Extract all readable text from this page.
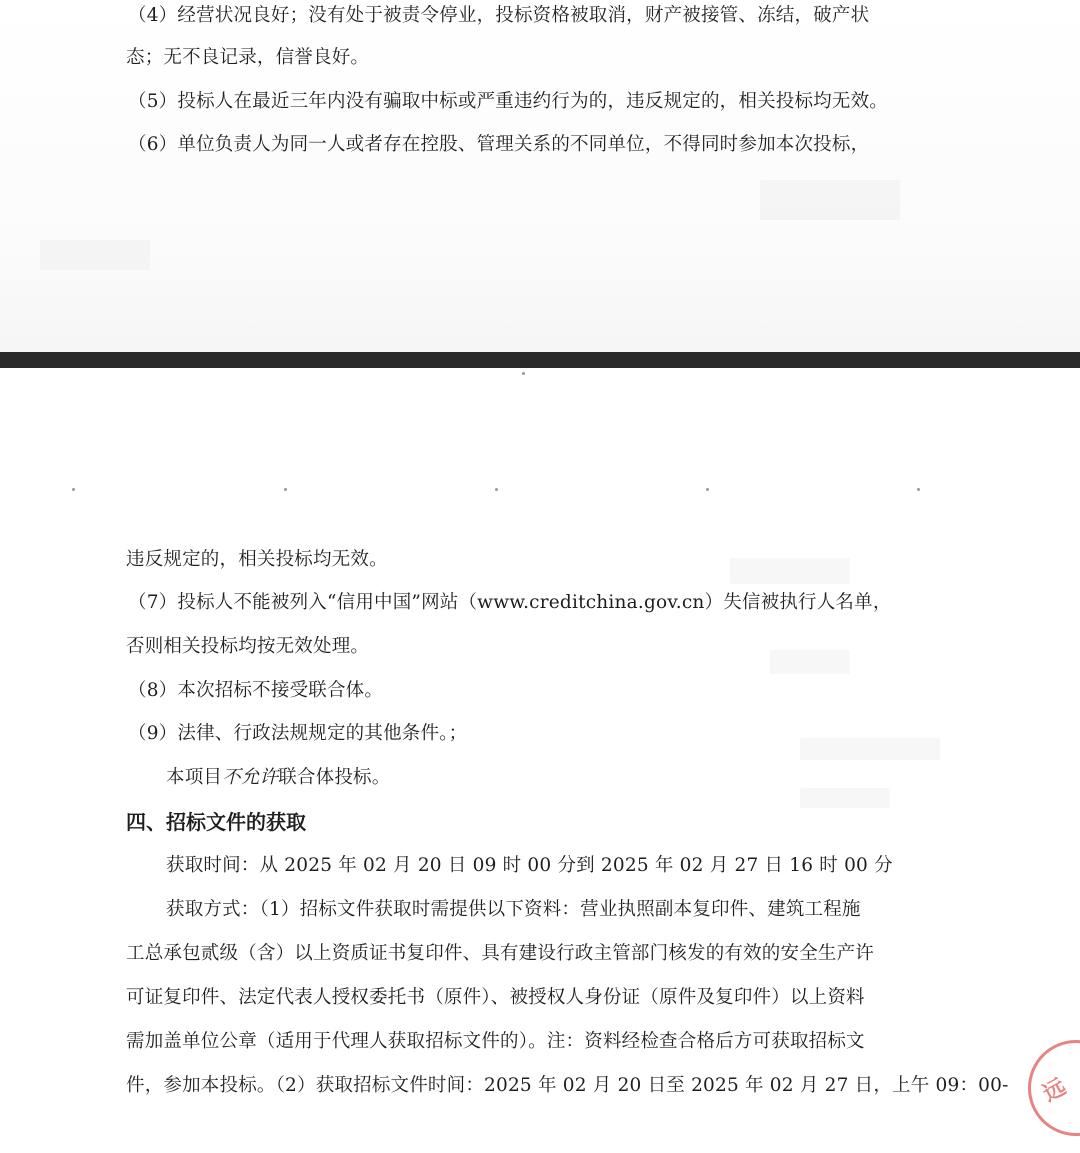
（4）经营状况良好；没有处于被责令停业，投标资格被取消，财产被接管、冻结，破产状
态；无不良记录，信誉良好。
（5）投标人在最近三年内没有骗取中标或严重违约行为的，违反规定的，相关投标均无效。
（6）单位负责人为同一人或者存在控股、管理关系的不同单位，不得同时参加本次投标，
违反规定的，相关投标均无效。
（7）投标人不能被列入“信用中国”网站（www.creditchina.gov.cn）失信被执行人名单，
否则相关投标均按无效处理。
（8）本次招标不接受联合体。
（9）法律、行政法规规定的其他条件。；
本项目不允许联合体投标。
四、招标文件的获取
获取时间：从 2025 年 02 月 20 日 09 时 00 分到 2025 年 02 月 27 日 16 时 00 分
获取方式：（1）招标文件获取时需提供以下资料：营业执照副本复印件、建筑工程施
工总承包贰级（含）以上资质证书复印件、具有建设行政主管部门核发的有效的安全生产许
可证复印件、法定代表人授权委托书（原件）、被授权人身份证（原件及复印件）以上资料
需加盖单位公章（适用于代理人获取招标文件的）。注：资料经检查合格后方可获取招标文
件，参加本投标。（2）获取招标文件时间：2025 年 02 月 20 日至 2025 年 02 月 27 日，上午 09：00- 远
